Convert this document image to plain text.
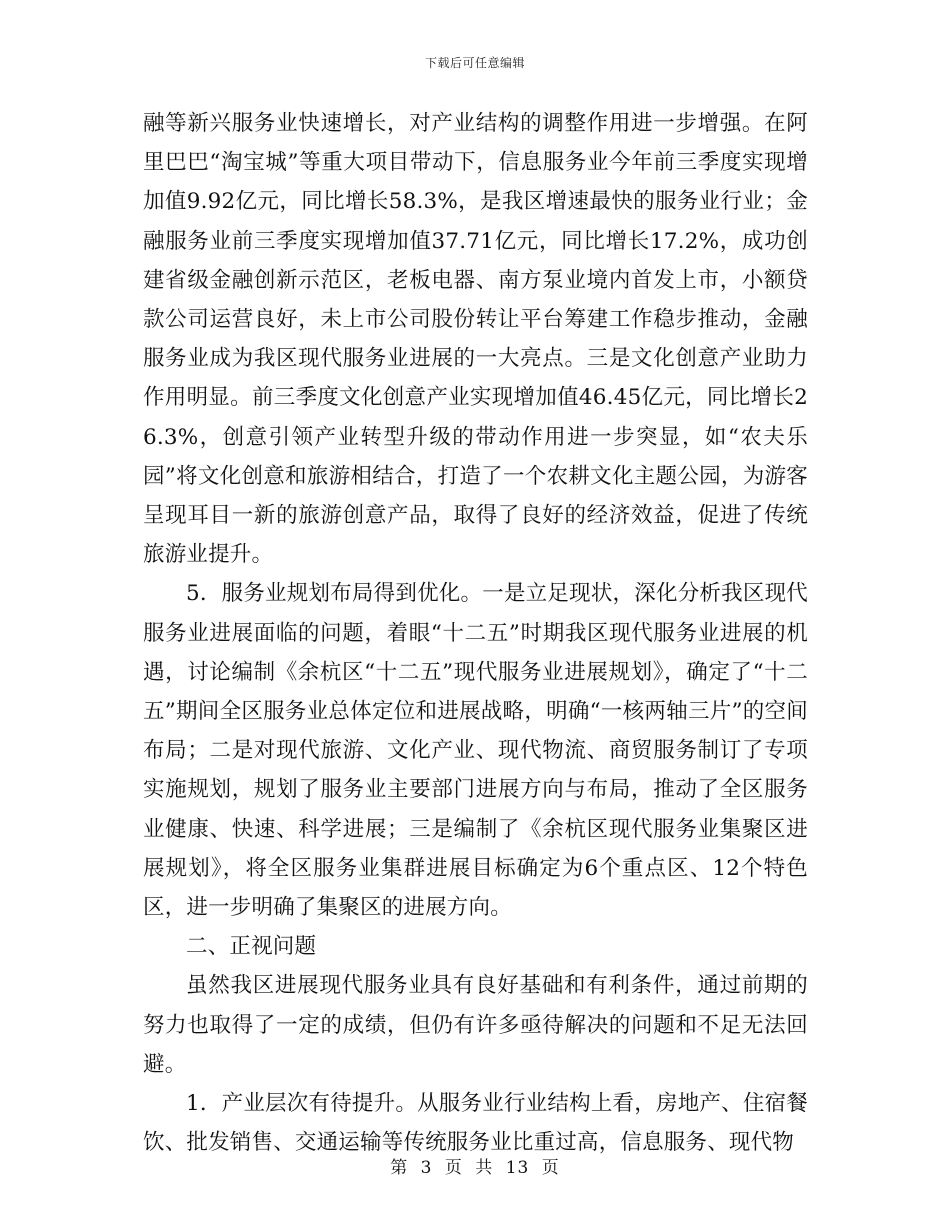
下载后可任意编辑

融等新兴服务业快速增长，对产业结构的调整作用进一步增强。在阿里巴巴“淘宝城”等重大项目带动下，信息服务业今年前三季度实现增加值9.92亿元，同比增长58.3%，是我区增速最快的服务业行业；金融服务业前三季度实现增加值37.71亿元，同比增长17.2%，成功创建省级金融创新示范区，老板电器、南方泵业境内首发上市，小额贷款公司运营良好，未上市公司股份转让平台筹建工作稳步推动，金融服务业成为我区现代服务业进展的一大亮点。三是文化创意产业助力作用明显。前三季度文化创意产业实现增加值46.45亿元，同比增长26.3%，创意引领产业转型升级的带动作用进一步突显，如“农夫乐园”将文化创意和旅游相结合，打造了一个农耕文化主题公园，为游客呈现耳目一新的旅游创意产品，取得了良好的经济效益，促进了传统旅游业提升。

5．服务业规划布局得到优化。一是立足现状，深化分析我区现代服务业进展面临的问题，着眼“十二五”时期我区现代服务业进展的机遇，讨论编制《余杭区“十二五”现代服务业进展规划》，确定了“十二五”期间全区服务业总体定位和进展战略，明确“一核两轴三片”的空间布局；二是对现代旅游、文化产业、现代物流、商贸服务制订了专项实施规划，规划了服务业主要部门进展方向与布局，推动了全区服务业健康、快速、科学进展；三是编制了《余杭区现代服务业集聚区进展规划》，将全区服务业集群进展目标确定为6个重点区、12个特色区，进一步明确了集聚区的进展方向。

二、正视问题

虽然我区进展现代服务业具有良好基础和有利条件，通过前期的努力也取得了一定的成绩，但仍有许多亟待解决的问题和不足无法回避。

1．产业层次有待提升。从服务业行业结构上看，房地产、住宿餐饮、批发销售、交通运输等传统服务业比重过高，信息服务、现代物

第 3 页 共 13 页
